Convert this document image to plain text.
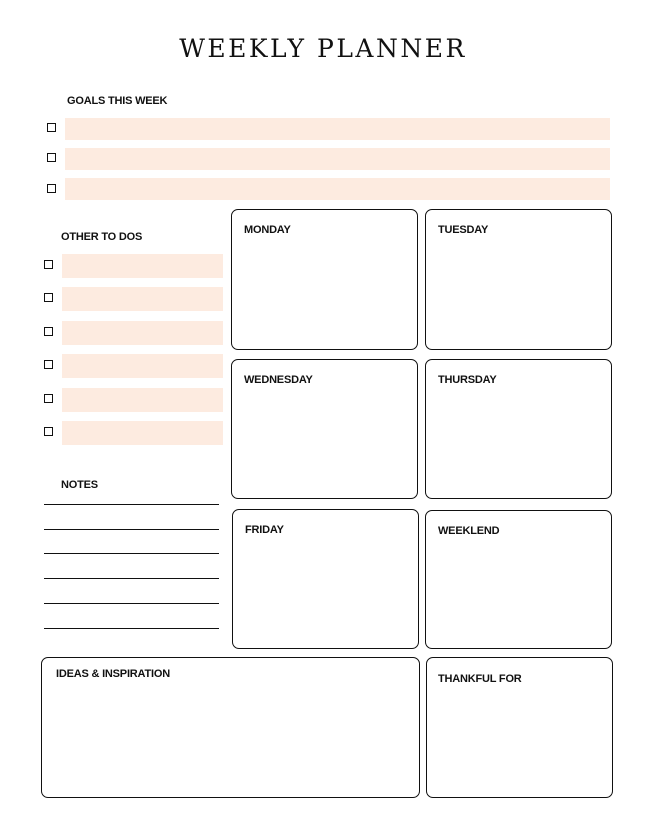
WEEKLY PLANNER
GOALS THIS WEEK
OTHER TO DOS
NOTES
MONDAY	TUESDAY
WEDNESDAY	THURSDAY
FRIDAY	WEEKLEND
IDEAS & INSPIRATION	THANKFUL FOR
